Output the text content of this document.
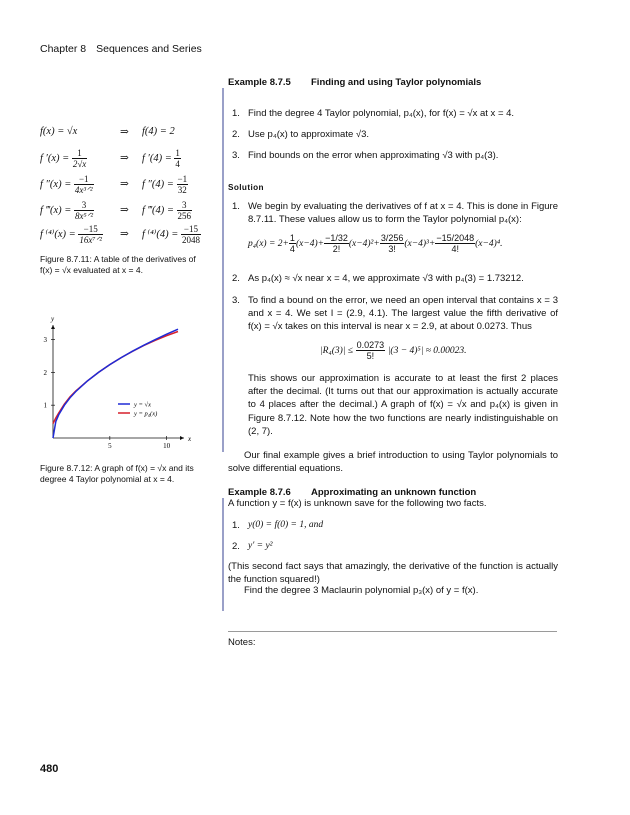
Chapter 8 Sequences and Series
Example 8.7.5 Finding and using Taylor polynomials
1. Find the degree 4 Taylor polynomial, p₄(x), for f(x) = √x at x = 4.
2. Use p₄(x) to approximate √3.
3. Find bounds on the error when approximating √3 with p₄(3).
Solution
1. We begin by evaluating the derivatives of f at x = 4. This is done in Figure 8.7.11. These values allow us to form the Taylor polynomial p₄(x):
$p_4(x) = 2+ \frac{1}{4} (x-4)+ \frac{-1/32}{2!} (x-4)^2+ \frac{3/256}{3!} (x-4)^3+ \frac{-15/2048}{4!} (x-4)^4$.
2. As p₄(x) ≈ √x near x = 4, we approximate √3 with p₄(3) = 1.73212.
3. To find a bound on the error, we need an open interval that contains x = 3 and x = 4. We set I = (2.9, 4.1). The largest value the fifth derivative of f(x) = √x takes on this interval is near x = 2.9, at about 0.0273. Thus
$|R_4(3)| \le \frac{0.0273}{5!} |(3 - 4)^5| \approx 0.00023$.
This shows our approximation is accurate to at least the first 2 places after the decimal. (It turns out that our approximation is actually accurate to 4 places after the decimal.) A graph of f(x) = √x and p₄(x) is given in Figure 8.7.12. Note how the two functions are nearly indistinguishable on (2, 7).
Our final example gives a brief introduction to using Taylor polynomials to solve differential equations.
f(x) = √x	⇒ f(4) = 2
f $'(x) = \frac{1}{2√x}$	⇒ f $'(4) = \frac{1}{4}$
f $''(x) = \frac{-1}{\text{4x³ᐟ²}}$	⇒ f $''(4) = \frac{-1}{32}$
f ‴(x) = $\frac{3}{\text{8x⁵ᐟ²}}$ ⇒ f ‴(4) = $\frac{3}{256}$
f $^{(4)}(x) = \frac{-15}{\text{16x⁷ᐟ²}}$ ⇒ f $^{(4)}(4) = \frac{-15}{2048}$
Figure 8.7.11: A table of the derivatives of f(x) = √x evaluated at x = 4.
x
y
5	10
1
2
3
y = √x
y = p₄(x)
Figure 8.7.12: A graph of f(x) = √x and its degree 4 Taylor polynomial at x = 4.
Example 8.7.6 Approximating an unknown function
A function y = f(x) is unknown save for the following two facts.
1. y(0) = f(0) = 1, and
2. y′ = y²
(This second fact says that amazingly, the derivative of the function is actually the function squared!)
Find the degree 3 Maclaurin polynomial p₃(x) of y = f(x).
Notes:
480
